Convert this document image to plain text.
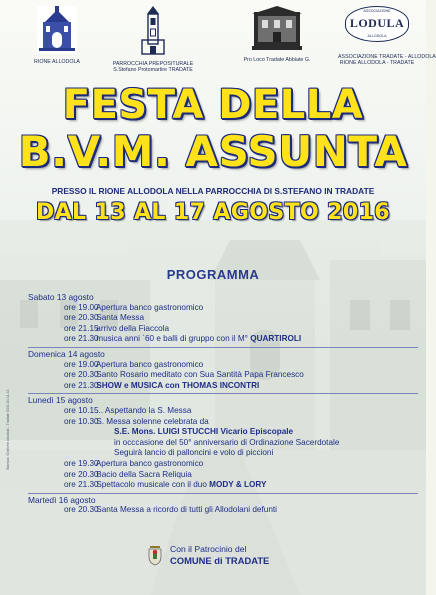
RIONE ALLODOLA	PARROCCHIA PREPOSITURALE
S.Stefano Protomartire TRADATE
Pro Loco Tradate Abbiate G.
ASSOCIAZIONE
LODULA
ALLODOLA
ASSOCIAZIONE TRADATE - ALLODOLA
RIONE ALLODOLA - TRADATE
FESTA DELLA
B.V.M. ASSUNTA
PRESSO IL RIONE ALLODOLA NELLA PARROCCHIA DI S.STEFANO IN TRADATE
DAL 13 AL 17 AGOSTO 2016
PROGRAMMA
Sabato 13 agosto
ore 19.00 Apertura banco gastronomico
ore 20.30 Santa Messa
ore 21.15 arrivo della Fiaccola
ore 21.30 musica anni `60 e balli di gruppo con il M° QUARTIROLI
Domenica 14 agosto
ore 19.00 Apertura banco gastronomico
ore 20.30 Santo Rosario meditato con Sua Santità Papa Francesco
ore 21.30 SHOW e MUSICA con THOMAS INCONTRI
Lunedì 15 agosto
ore 10.15 ... Aspettando la S. Messa
ore 10.30 S. Messa solenne celebrata da
S.E. Mons. LUIGI STUCCHI Vicario Episcopale
in occcasione del 50° anniversario di Ordinazione Sacerdotale
Seguirà lancio di palloncini e volo di piccioni
ore 19.30 Apertura banco gastronomico
ore 20.30 Bacio della Sacra Reliquia
ore 21.30 Spettacolo musicale con il duo MODY & LORY
Martedì 16 agosto
ore 20.30 Santa Messa a ricordo di tutti gli Allodolani defunti
Stampa: Grafiche Allodola - Tradate 0331.84.11.44
Con il Patrocinio del
COMUNE di TRADATE
